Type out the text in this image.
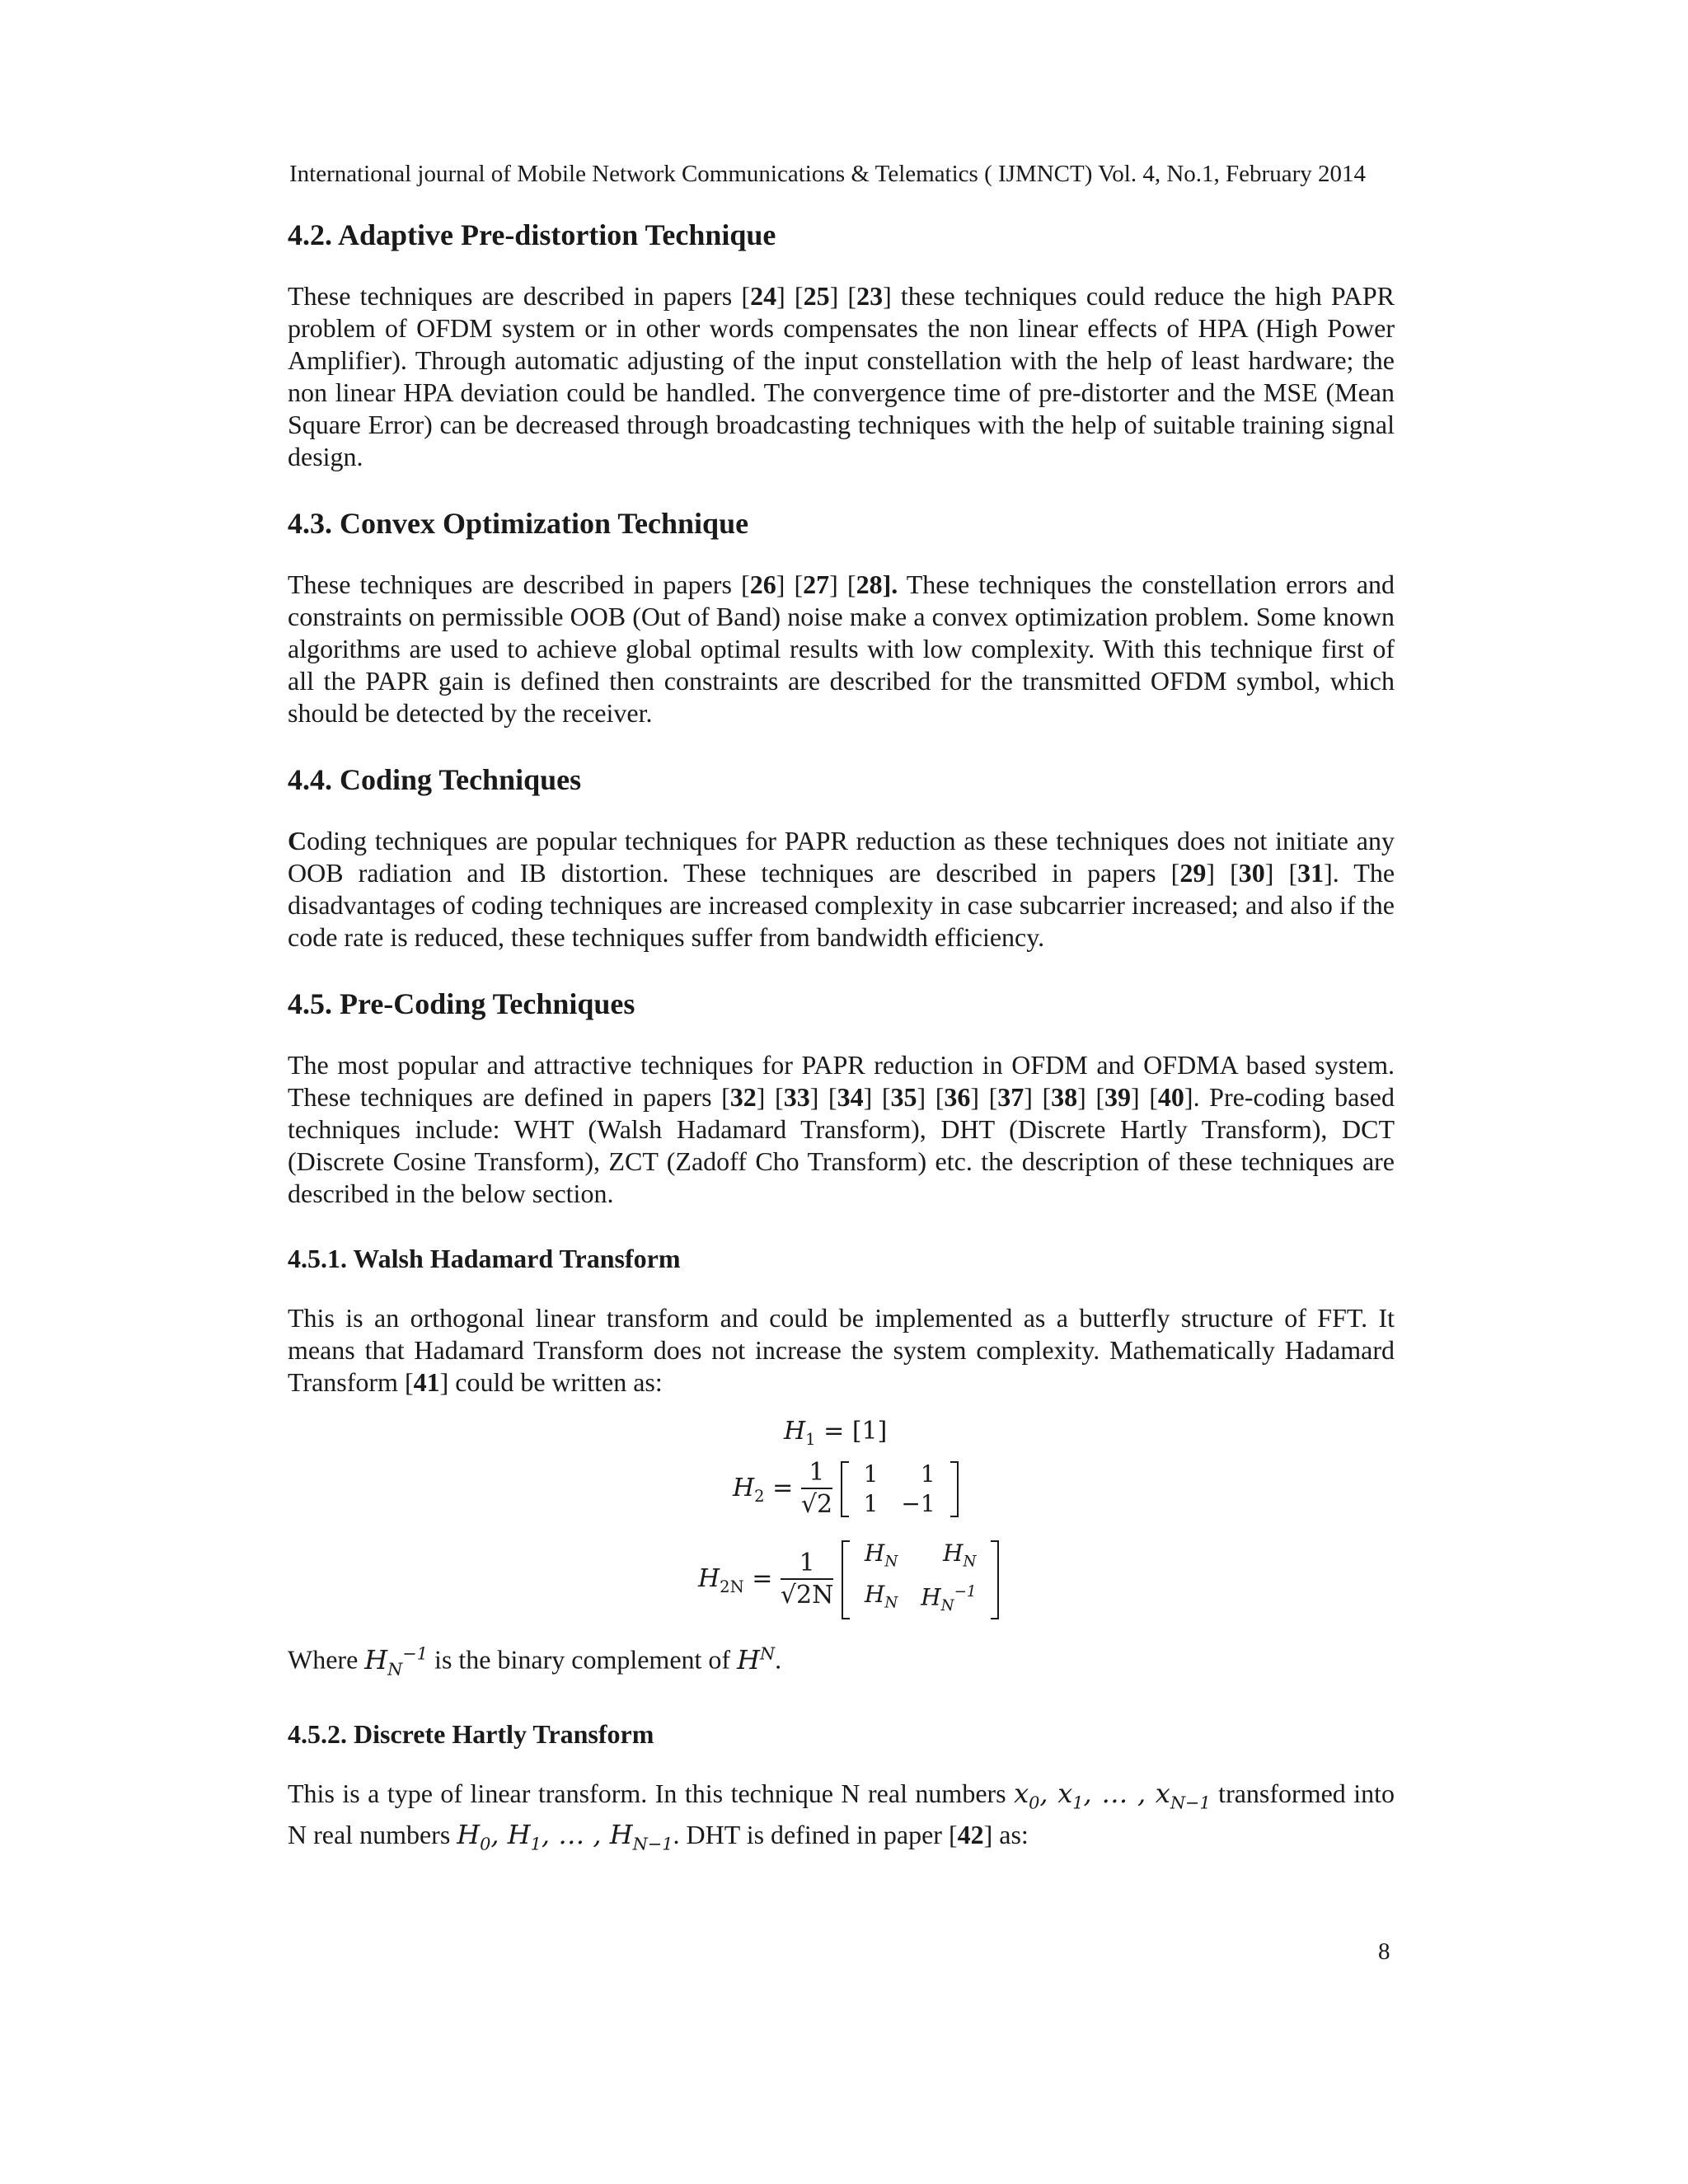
International journal of Mobile Network Communications & Telematics ( IJMNCT) Vol. 4, No.1, February 2014
4.2. Adaptive Pre-distortion Technique

These techniques are described in papers [24] [25] [23] these techniques could reduce the high PAPR problem of OFDM system or in other words compensates the non linear effects of HPA (High Power Amplifier). Through automatic adjusting of the input constellation with the help of least hardware; the non linear HPA deviation could be handled. The convergence time of pre-distorter and the MSE (Mean Square Error) can be decreased through broadcasting techniques with the help of suitable training signal design.

4.3. Convex Optimization Technique

These techniques are described in papers [26] [27] [28]. These techniques the constellation errors and constraints on permissible OOB (Out of Band) noise make a convex optimization problem. Some known algorithms are used to achieve global optimal results with low complexity. With this technique first of all the PAPR gain is defined then constraints are described for the transmitted OFDM symbol, which should be detected by the receiver.

4.4. Coding Techniques

Coding techniques are popular techniques for PAPR reduction as these techniques does not initiate any OOB radiation and IB distortion. These techniques are described in papers [29] [30] [31]. The disadvantages of coding techniques are increased complexity in case subcarrier increased; and also if the code rate is reduced, these techniques suffer from bandwidth efficiency.

4.5. Pre-Coding Techniques

The most popular and attractive techniques for PAPR reduction in OFDM and OFDMA based system. These techniques are defined in papers [32] [33] [34] [35] [36] [37] [38] [39] [40]. Pre-coding based techniques include: WHT (Walsh Hadamard Transform), DHT (Discrete Hartly Transform), DCT (Discrete Cosine Transform), ZCT (Zadoff Cho Transform) etc. the description of these techniques are described in the below section.

4.5.1. Walsh Hadamard Transform

This is an orthogonal linear transform and could be implemented as a butterfly structure of FFT. It means that Hadamard Transform does not increase the system complexity. Mathematically Hadamard Transform [41] could be written as:

$H_1 = [1]$
$H_2 = \frac{1}{√2}$
1	1
1	−1
$H_{2N} = \frac{1}{√2N}$
$H_N$	$H_N$
$H_N$	$H_N^{-1}$

Where $H_N^{-1}$ is the binary complement of $H^N$.

4.5.2. Discrete Hartly Transform

This is a type of linear transform. In this technique N real numbers $x_0$, $x_1$, … , $x_{N-1}$ transformed into N real numbers $H_0$, $H_1$, … , $H_{N-1}$. DHT is defined in paper [42] as:

8
